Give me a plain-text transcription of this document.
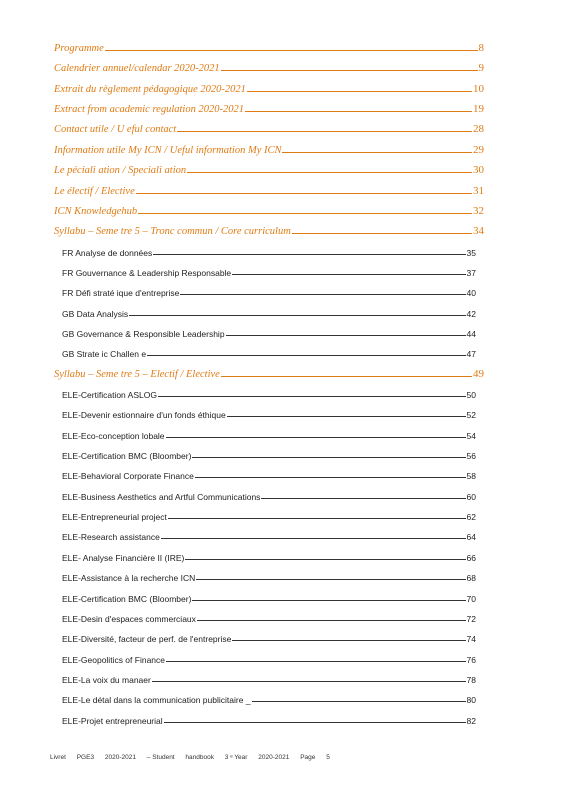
Programme	8
Calendrier annuel/calendar 2020-2021	9
Extrait du règlement pédagogique 2020-2021	10
Extract from academic regulation 2020-2021	19
Contact utile / U eful contact	28
Information utile My ICN / Ueful information My ICN	29
Le péciali ation / Speciali ation	30
Le électif / Elective	31
ICN Knowledgehub	32
Syllabu – Seme tre 5 – Tronc commun / Core curriculum	34
FR Analyse de données	35
FR Gouvernance & Leadership Responsable	37
FR Défi straté ique d'entreprise	40
GB Data Analysis	42
GB Governance & Responsible Leadership	44
GB Strate ic Challen e	47
Syllabu – Seme tre 5 – Electif / Elective	49
ELE-Certification ASLOG	50
ELE-Devenir estionnaire d'un fonds éthique	52
ELE-Eco-conception lobale	54
ELE-Certification BMC (Bloomber)	56
ELE-Behavioral Corporate Finance	58
ELE-Business Aesthetics and Artful Communications	60
ELE-Entrepreneurial project	62
ELE-Research assistance	64
ELE- Analyse Financière II (IRE)	66
ELE-Assistance à la recherche ICN	68
ELE-Certification BMC (Bloomber)	70
ELE-Desin d'espaces commerciaux	72
ELE-Diversité, facteur de perf. de l'entreprise	74
ELE-Geopolitics of Finance	76
ELE-La voix du manaer	78
ELE-Le détal dans la communication publicitaire _	80
ELE-Projet entrepreneurial	82
Livret PGE3 2020-2021 – Student handbook 3 ᵉ Year 2020-2021 Page 5
